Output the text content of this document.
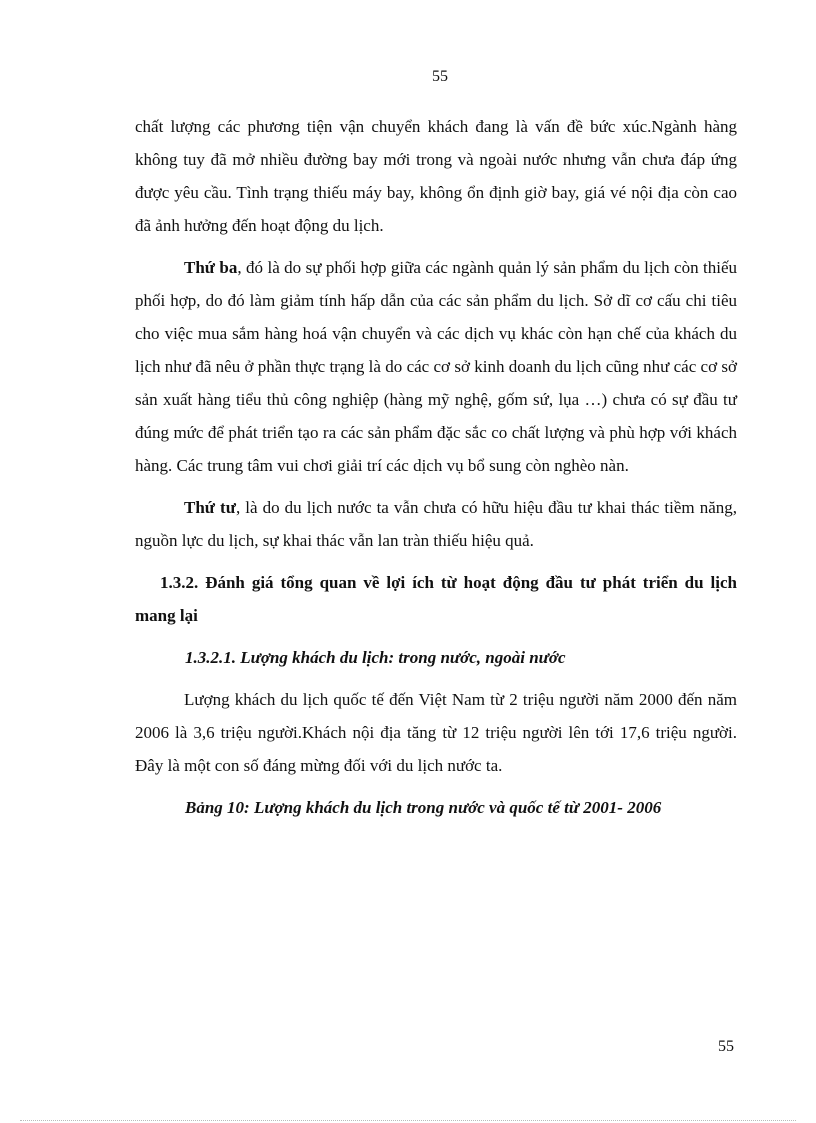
55

chất lượng các phương tiện vận chuyển khách đang là vấn đề bức xúc.Ngành hàng không tuy đã mở nhiều đường bay mới trong và ngoài nước nhưng vẫn chưa đáp ứng được yêu cầu. Tình trạng thiếu máy bay, không ổn định giờ bay, giá vé nội địa còn cao đã ảnh hưởng đến hoạt động du lịch.

Thứ ba, đó là do sự phối hợp giữa các ngành quản lý sản phẩm du lịch còn thiếu phối hợp, do đó làm giảm tính hấp dẫn của các sản phẩm du lịch. Sở dĩ cơ cấu chi tiêu cho việc mua sắm hàng hoá vận chuyển và các dịch vụ khác còn hạn chế của khách du lịch như đã nêu ở phần thực trạng là do các cơ sở kinh doanh du lịch cũng như các cơ sở sản xuất hàng tiểu thủ công nghiệp (hàng mỹ nghệ, gốm sứ, lụa …) chưa có sự đầu tư đúng mức để phát triển tạo ra các sản phẩm đặc sắc co chất lượng và phù hợp với khách hàng. Các trung tâm vui chơi giải trí các dịch vụ bổ sung còn nghèo nàn.

Thứ tư, là do du lịch nước ta vẫn chưa có hữu hiệu đầu tư khai thác tiềm năng, nguồn lực du lịch, sự khai thác vẫn lan tràn thiếu hiệu quả.

1.3.2. Đánh giá tổng quan về lợi ích từ hoạt động đầu tư phát triển du lịch mang lại

1.3.2.1. Lượng khách du lịch: trong nước, ngoài nước

Lượng khách du lịch quốc tế đến Việt Nam từ 2 triệu người năm 2000 đến năm 2006 là 3,6 triệu người.Khách nội địa tăng từ 12 triệu người lên tới 17,6 triệu người. Đây là một con số đáng mừng đối với du lịch nước ta.

Bảng 10: Lượng khách du lịch trong nước và quốc tế từ 2001- 2006

55
